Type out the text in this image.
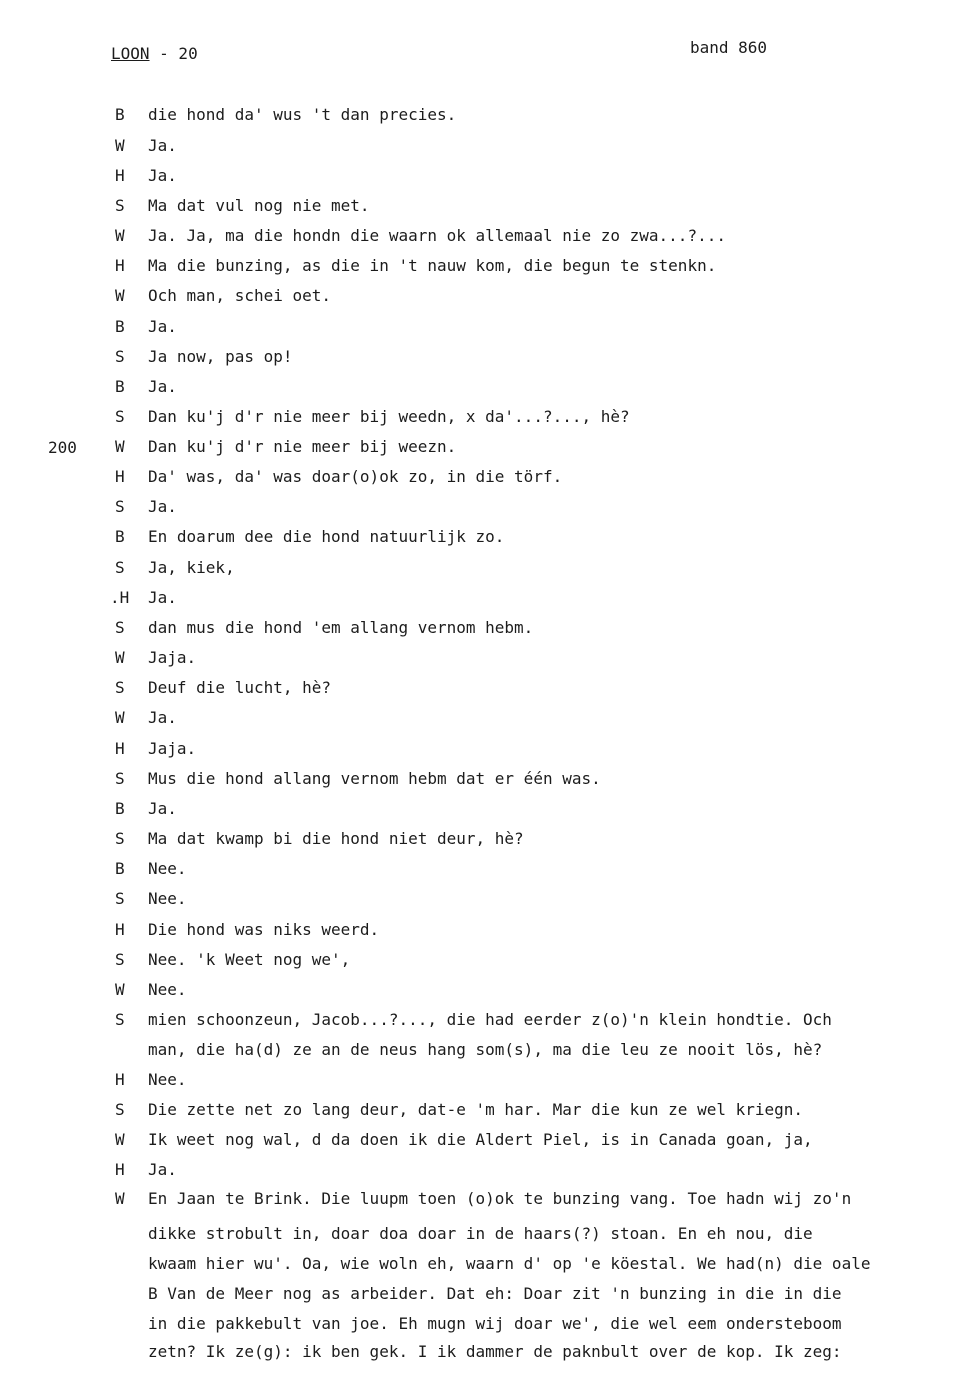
LOON - 20	band 860
200
B die hond da' wus 't dan precies.
W Ja.
H Ja.
S Ma dat vul nog nie met.
W Ja. Ja, ma die hondn die waarn ok allemaal nie zo zwa...?...
H Ma die bunzing, as die in 't nauw kom, die begun te stenkn.
W Och man, schei oet.
B Ja.
S Ja now, pas op!
B Ja.
S Dan ku'j d'r nie meer bij weedn, x da'...?..., hè?
W Dan ku'j d'r nie meer bij weezn.
H Da' was, da' was doar(o)ok zo, in die törf.
S Ja.
B En doarum dee die hond natuurlijk zo.
S Ja, kiek,
.H Ja.
S dan mus die hond 'em allang vernom hebm.
W Jaja.
S Deuf die lucht, hè?
W Ja.
H Jaja.
S Mus die hond allang vernom hebm dat er één was.
B Ja.
S Ma dat kwamp bi die hond niet deur, hè?
B Nee.
S Nee.
H Die hond was niks weerd.
S Nee. 'k Weet nog we',
W Nee.
S mien schoonzeun, Jacob...?..., die had eerder z(o)'n klein hondtie. Och
man, die ha(d) ze an de neus hang som(s), ma die leu ze nooit lös, hè?
H Nee.
S Die zette net zo lang deur, dat-e 'm har. Mar die kun ze wel kriegn.
W Ik weet nog wal, d da doen ik die Aldert Piel, is in Canada goan, ja,
H Ja.
W En Jaan te Brink. Die luupm toen (o)ok te bunzing vang. Toe hadn wij zo'n
dikke strobult in, doar doa doar in de haars(?) stoan. En eh nou, die
kwaam hier wu'. Oa, wie woln eh, waarn d' op 'e köestal. We had(n) die oale
B Van de Meer nog as arbeider. Dat eh: Doar zit 'n bunzing in die in die
in die pakkebult van joe. Eh mugn wij doar we', die wel eem ondersteboom
zetn? Ik ze(g): ik ben gek. I ik dammer de paknbult over de kop. Ik zeg:
